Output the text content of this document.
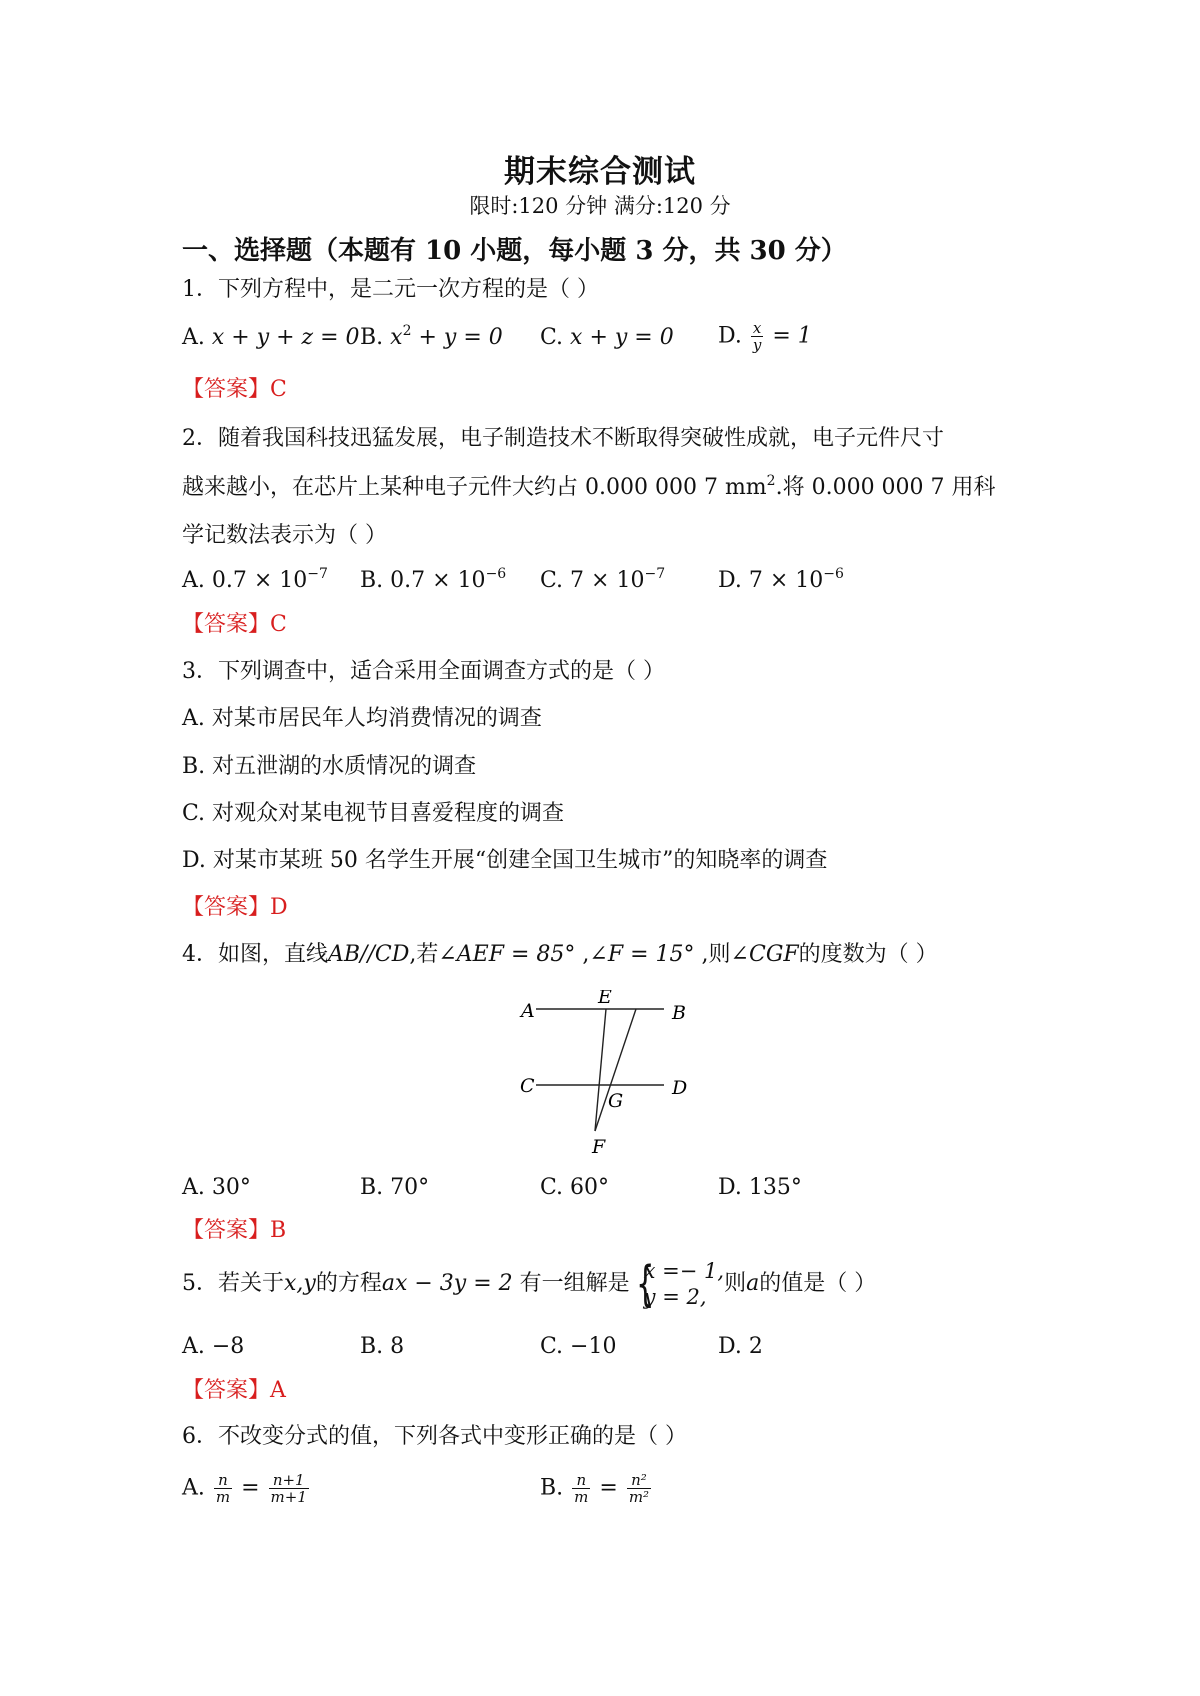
期末综合测试
限时:120 分钟 满分:120 分
一、选择题（本题有 10 小题，每小题 3 分，共 30 分）
1．下列方程中，是二元一次方程的是（ ）
A. x + y + z = 0 B. $x^2 + y = 0$ C. x + y = 0 D. $\frac{x}{y} = 1$
【答案】C
2．随着我国科技迅猛发展，电子制造技术不断取得突破性成就，电子元件尺寸
越来越小，在芯片上某种电子元件大约占 0.000 000 7 $mm^2$.将 0.000 000 7 用科
学记数法表示为（ ）
A. $0.7 \times 10^{-7}$ B. $0.7 \times 10^{-6}$ C. $7 \times 10^{-7}$ D. $7 \times 10^{-6}$
【答案】C
3．下列调查中，适合采用全面调查方式的是（ ）
A. 对某市居民年人均消费情况的调查
B. 对五泄湖的水质情况的调查
C. 对观众对某电视节目喜爱程度的调查
D. 对某市某班 50 名学生开展“创建全国卫生城市”的知晓率的调查
【答案】D
4．如图，直线AB//CD,若∠AEF = 85° ,∠F = 15° ,则∠CGF的度数为（ ）
A
E
B
C
G
D
F
A. 30°	B. 70°	C. 60°	D. 135°
【答案】B
5．若关于x,y的方程ax − 3y = 2 有一组解是 {
x =− 1,
y = 2,
则a的值是（ ）
A. −8	B. 8	C. −10	D. 2
【答案】A
6．不改变分式的值，下列各式中变形正确的是（ ）
A. $\frac{n}{m} = \frac{n+1}{m+1}$	B. $\frac{n}{m} = \frac{\text{n²}}{\text{m²}}$
